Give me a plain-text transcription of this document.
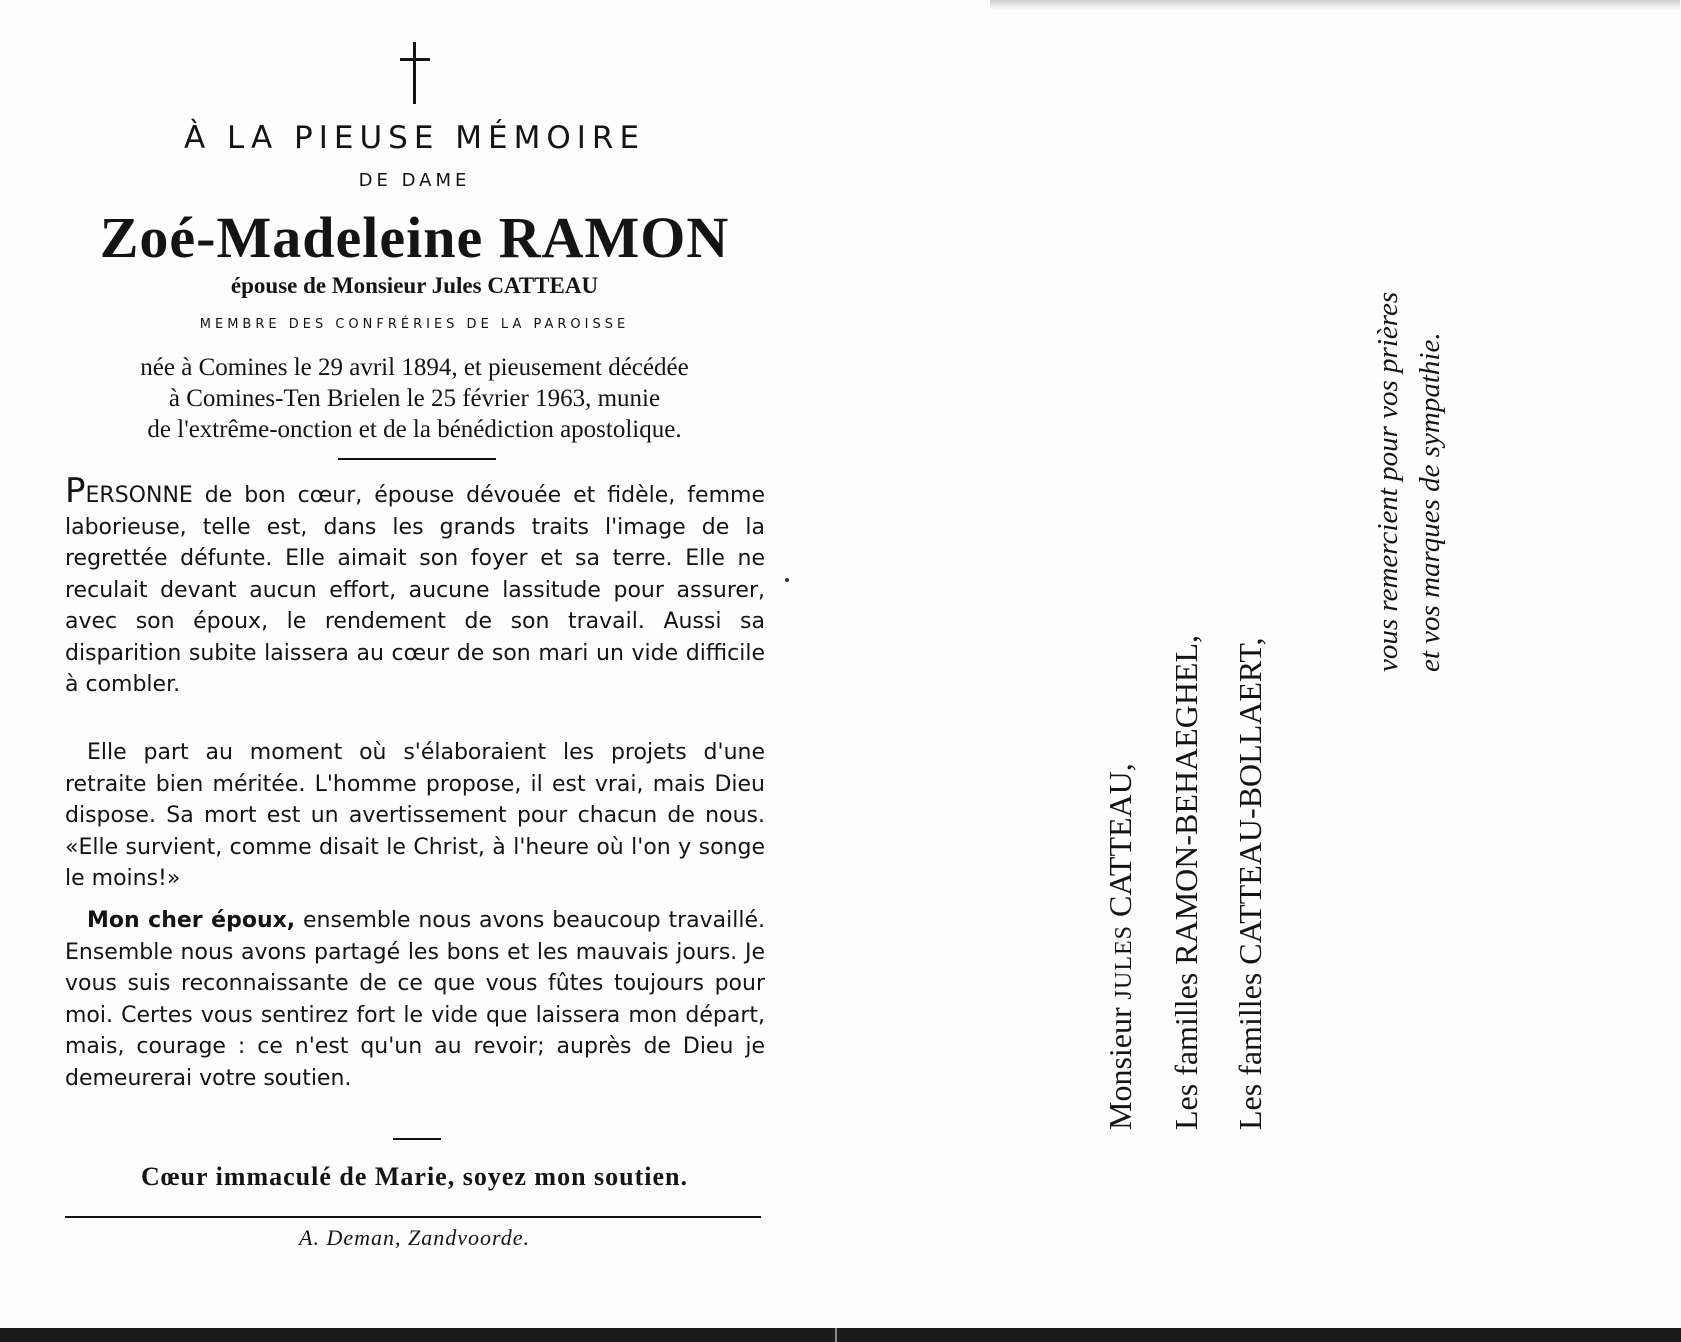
À LA PIEUSE MÉMOIRE
DE DAME
Zoé-Madeleine RAMON
épouse de Monsieur Jules CATTEAU
MEMBRE DES CONFRÉRIES DE LA PAROISSE
née à Comines le 29 avril 1894, et pieusement décédée
à Comines-Ten Brielen le 25 février 1963, munie
de l'extrême-onction et de la bénédiction apostolique.

PERSONNE de bon cœur, épouse dévouée et fidèle, femme laborieuse, telle est, dans les grands traits l'image de la regrettée défunte. Elle aimait son foyer et sa terre. Elle ne reculait devant aucun effort, aucune lassitude pour assurer, avec son époux, le rendement de son travail. Aussi sa disparition subite laissera au cœur de son mari un vide difficile à combler.

Elle part au moment où s'élaboraient les projets d'une retraite bien méritée. L'homme propose, il est vrai, mais Dieu dispose. Sa mort est un avertissement pour chacun de nous. «Elle survient, comme disait le Christ, à l'heure où l'on y songe le moins!»

Mon cher époux, ensemble nous avons beaucoup travaillé. Ensemble nous avons partagé les bons et les mauvais jours. Je vous suis reconnaissante de ce que vous fûtes toujours pour moi. Certes vous sentirez fort le vide que laissera mon départ, mais, courage : ce n'est qu'un au revoir; auprès de Dieu je demeurerai votre soutien.

Cœur immaculé de Marie, soyez mon soutien.
A. Deman, Zandvoorde.
Monsieur JULES CATTEAU, Les familles RAMON-BEHAEGHEL, Les familles CATTEAU-BOLLAERT,
vous remercient pour vos prières et vos marques de sympathie.
